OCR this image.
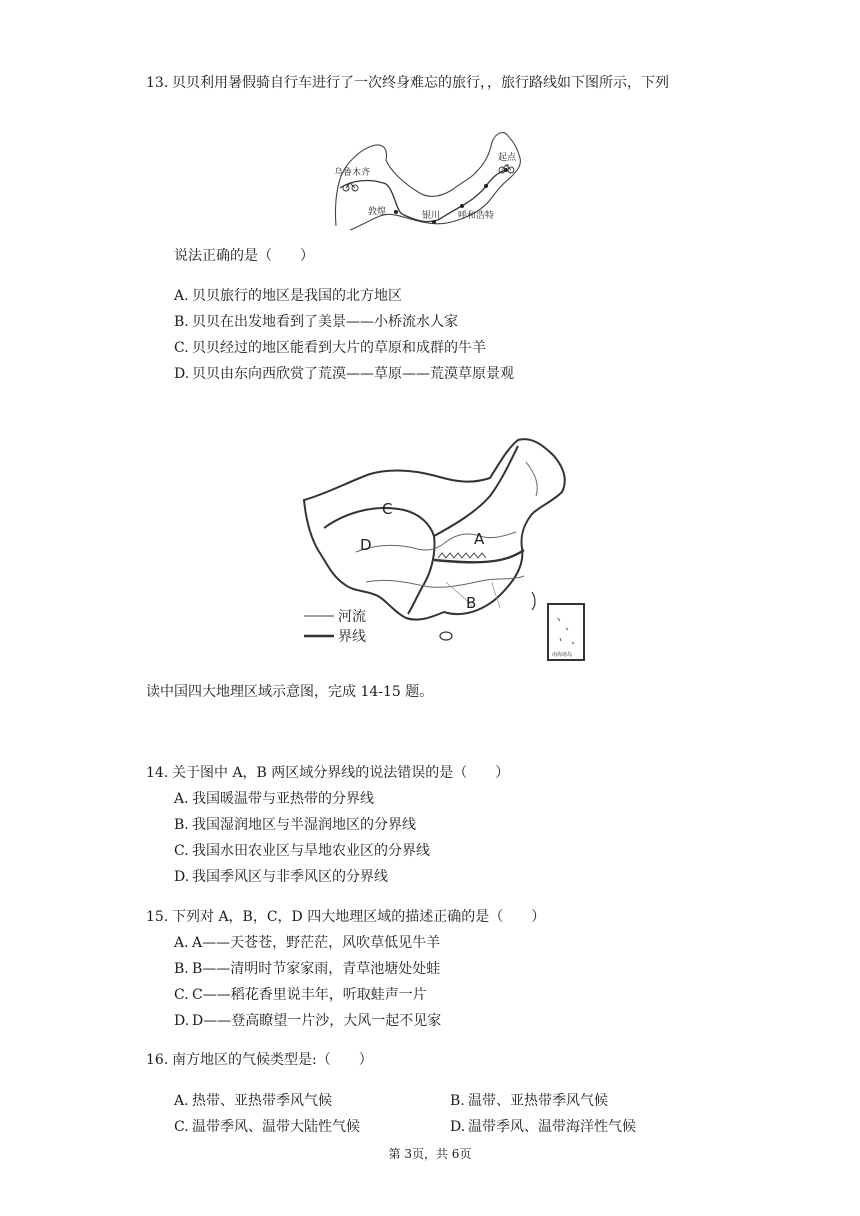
13. 贝贝利用暑假骑自行车进行了一次终身难忘的旅行，，旅行路线如下图所示，下列
乌鲁木齐
起点
敦煌	银川 呼和浩特
说法正确的是（　　）
A. 贝贝旅行的地区是我国的北方地区
B. 贝贝在出发地看到了美景——小桥流水人家
C. 贝贝经过的地区能看到大片的草原和成群的牛羊
D. 贝贝由东向西欣赏了荒漠——草原——荒漠草原景观
南海诸岛
C
D	A
B
河流
界线
读中国四大地理区域示意图，完成 14-15 题。
14. 关于图中 A，B 两区域分界线的说法错误的是（　　）
A. 我国暖温带与亚热带的分界线
B. 我国湿润地区与半湿润地区的分界线
C. 我国水田农业区与旱地农业区的分界线
D. 我国季风区与非季风区的分界线
15. 下列对 A，B，C，D 四大地理区域的描述正确的是（　　）
A. A——天苍苍，野茫茫，风吹草低见牛羊
B. B——清明时节家家雨，青草池塘处处蛙
C. C——稻花香里说丰年，听取蛙声一片
D. D——登高瞭望一片沙，大风一起不见家
16. 南方地区的气候类型是:（　　）
A. 热带、亚热带季风气候	B. 温带、亚热带季风气候
C. 温带季风、温带大陆性气候	D. 温带季风、温带海洋性气候
第 3页，共 6页
